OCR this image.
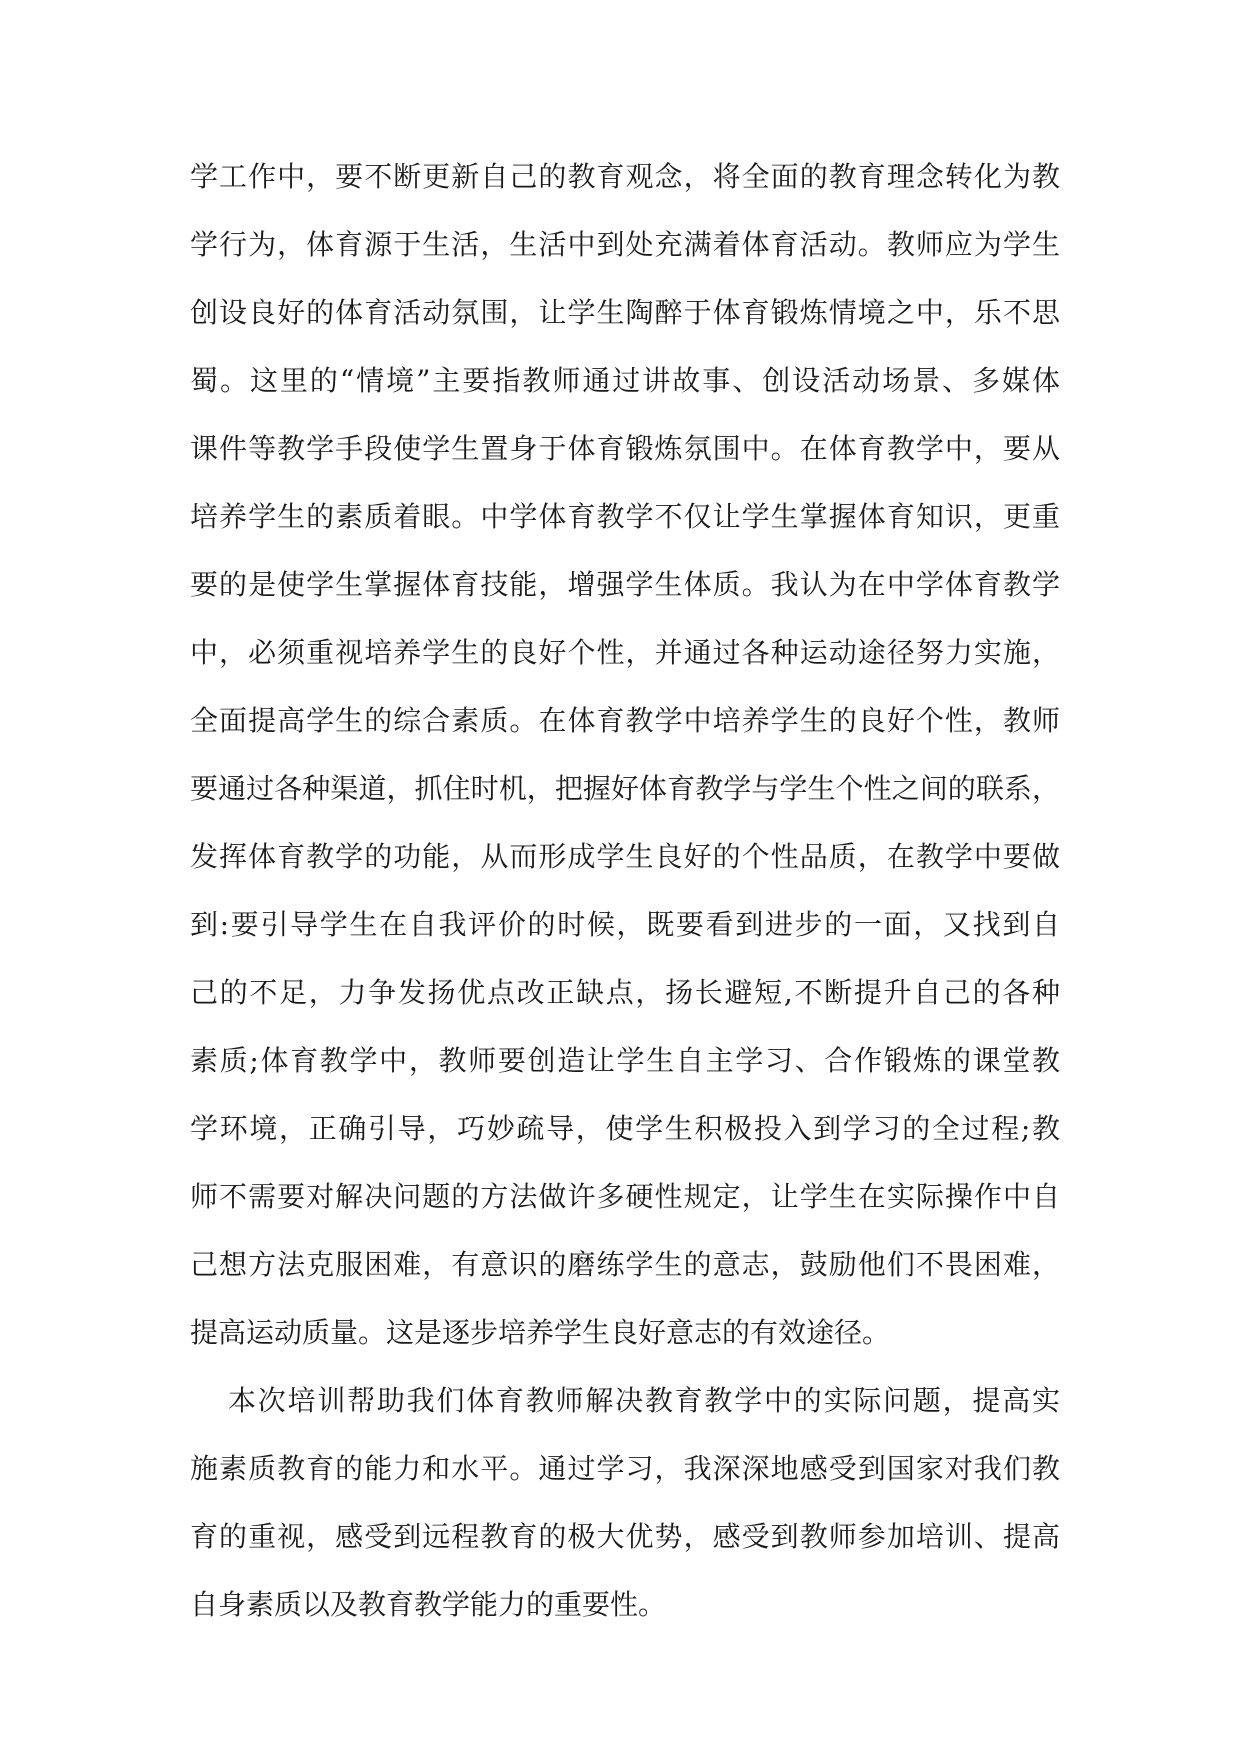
学工作中，要不断更新自己的教育观念，将全面的教育理念转化为教
学行为，体育源于生活，生活中到处充满着体育活动。教师应为学生
创设良好的体育活动氛围，让学生陶醉于体育锻炼情境之中，乐不思
蜀。这里的“情境”主要指教师通过讲故事、创设活动场景、多媒体
课件等教学手段使学生置身于体育锻炼氛围中。在体育教学中，要从
培养学生的素质着眼。中学体育教学不仅让学生掌握体育知识，更重
要的是使学生掌握体育技能，增强学生体质。我认为在中学体育教学
中，必须重视培养学生的良好个性，并通过各种运动途径努力实施，
全面提高学生的综合素质。在体育教学中培养学生的良好个性，教师
要通过各种渠道，抓住时机，把握好体育教学与学生个性之间的联系，
发挥体育教学的功能，从而形成学生良好的个性品质，在教学中要做
到:要引导学生在自我评价的时候，既要看到进步的一面，又找到自
己的不足，力争发扬优点改正缺点，扬长避短,不断提升自己的各种
素质;体育教学中，教师要创造让学生自主学习、合作锻炼的课堂教
学环境，正确引导，巧妙疏导，使学生积极投入到学习的全过程;教
师不需要对解决问题的方法做许多硬性规定，让学生在实际操作中自
己想方法克服困难，有意识的磨练学生的意志，鼓励他们不畏困难，
提高运动质量。这是逐步培养学生良好意志的有效途径。
本次培训帮助我们体育教师解决教育教学中的实际问题，提高实
施素质教育的能力和水平。通过学习，我深深地感受到国家对我们教
育的重视，感受到远程教育的极大优势，感受到教师参加培训、提高
自身素质以及教育教学能力的重要性。
